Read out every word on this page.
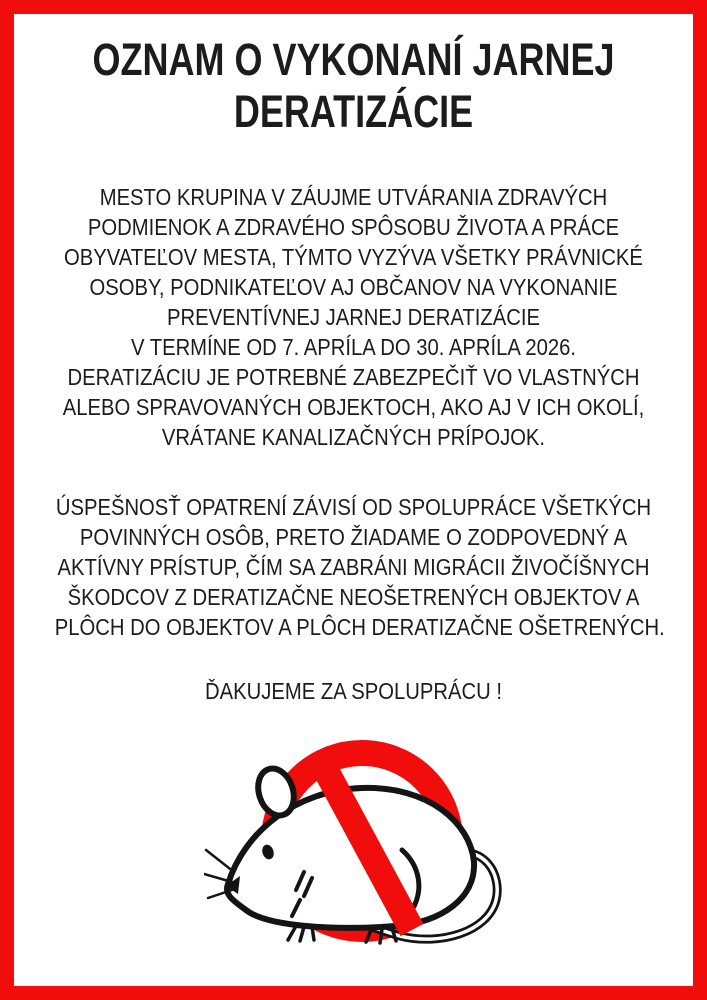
OZNAM O VYKONANÍ JARNEJ
DERATIZÁCIE
MESTO KRUPINA V ZÁUJME UTVÁRANIA ZDRAVÝCH
PODMIENOK A ZDRAVÉHO SPÔSOBU ŽIVOTA A PRÁCE
OBYVATEĽOV MESTA, TÝMTO VYZÝVA VŠETKY PRÁVNICKÉ
OSOBY, PODNIKATEĽOV AJ OBČANOV NA VYKONANIE
PREVENTÍVNEJ JARNEJ DERATIZÁCIE
V TERMÍNE OD 7. APRÍLA DO 30. APRÍLA 2026.
DERATIZÁCIU JE POTREBNÉ ZABEZPEČIŤ VO VLASTNÝCH
ALEBO SPRAVOVANÝCH OBJEKTOCH, AKO AJ V ICH OKOLÍ,
VRÁTANE KANALIZAČNÝCH PRÍPOJOK.
ÚSPEŠNOSŤ OPATRENÍ ZÁVISÍ OD SPOLUPRÁCE VŠETKÝCH
POVINNÝCH OSÔB, PRETO ŽIADAME O ZODPOVEDNÝ A
AKTÍVNY PRÍSTUP, ČÍM SA ZABRÁNI MIGRÁCII ŽIVOČÍŠNYCH
ŠKODCOV Z DERATIZAČNE NEOŠETRENÝCH OBJEKTOV A
PLÔCH DO OBJEKTOV A PLÔCH DERATIZAČNE OŠETRENÝCH.
ĎAKUJEME ZA SPOLUPRÁCU !
